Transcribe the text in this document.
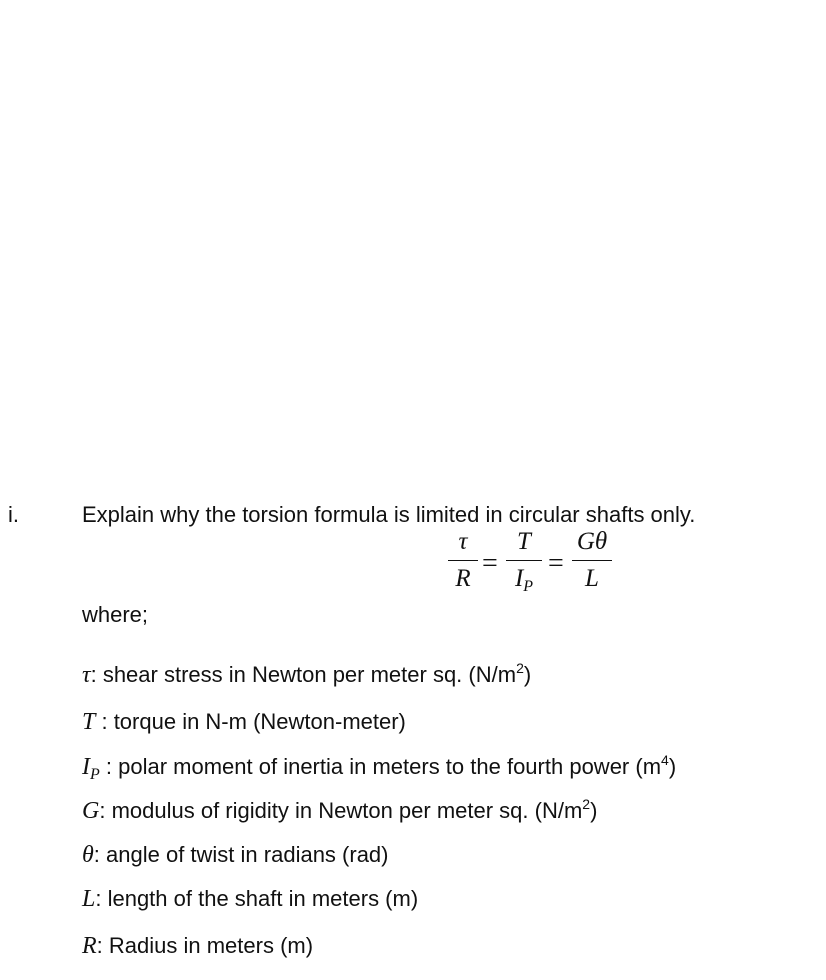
i.	Explain why the torsion formula is limited in circular shafts only.
τ
R =
T
$I_P$
=
Gθ
L
where;
τ: shear stress in Newton per meter sq. $(N/m^2)$
T : torque in N-m (Newton-meter)
$I_P$ : polar moment of inertia in meters to the fourth power $(m^4)$
G: modulus of rigidity in Newton per meter sq. $(N/m^2)$
θ: angle of twist in radians (rad)
L: length of the shaft in meters (m)
R: Radius in meters (m)
